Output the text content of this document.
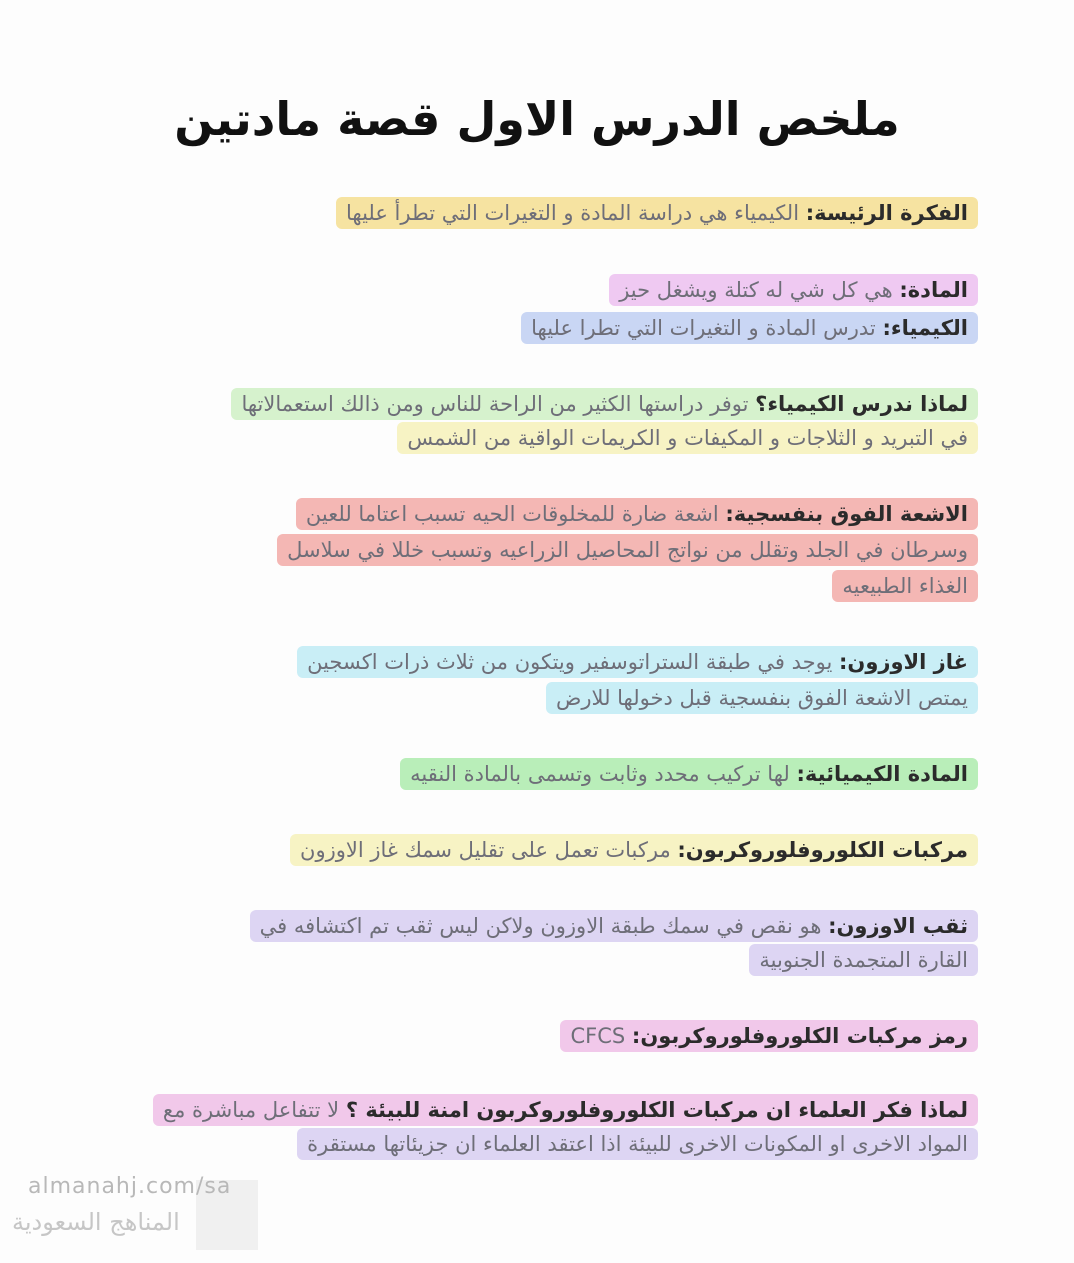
ملخص الدرس الاول قصة مادتين
الفكرة الرئيسة: الكيمياء هي دراسة المادة و التغيرات التي تطرأ عليها
المادة: هي كل شي له كتلة ويشغل حيز
الكيمياء: تدرس المادة و التغيرات التي تطرا عليها
لماذا ندرس الكيمياء؟ توفر دراستها الكثير من الراحة للناس ومن ذالك استعمالاتها
في التبريد و الثلاجات و المكيفات و الكريمات الواقية من الشمس
الاشعة الفوق بنفسجية: اشعة ضارة للمخلوقات الحيه تسبب اعتاما للعين
وسرطان في الجلد وتقلل من نواتج المحاصيل الزراعيه وتسبب خللا في سلاسل
الغذاء الطبيعيه
غاز الاوزون: يوجد في طبقة الستراتوسفير ويتكون من ثلاث ذرات اكسجين
يمتص الاشعة الفوق بنفسجية قبل دخولها للارض
المادة الكيميائية: لها تركيب محدد وثابت وتسمى بالمادة النقيه
مركبات الكلوروفلوروكربون: مركبات تعمل على تقليل سمك غاز الاوزون
ثقب الاوزون: هو نقص في سمك طبقة الاوزون ولاكن ليس ثقب تم اكتشافه في
القارة المتجمدة الجنوبية
رمز مركبات الكلوروفلوروكربون: CFCS
لماذا فكر العلماء ان مركبات الكلوروفلوروكربون امنة للبيئة ؟ لا تتفاعل مباشرة مع
المواد الاخرى او المكونات الاخرى للبيئة اذا اعتقد العلماء ان جزيئاتها مستقرة
almanahj.com/sa
المناهج السعودية
